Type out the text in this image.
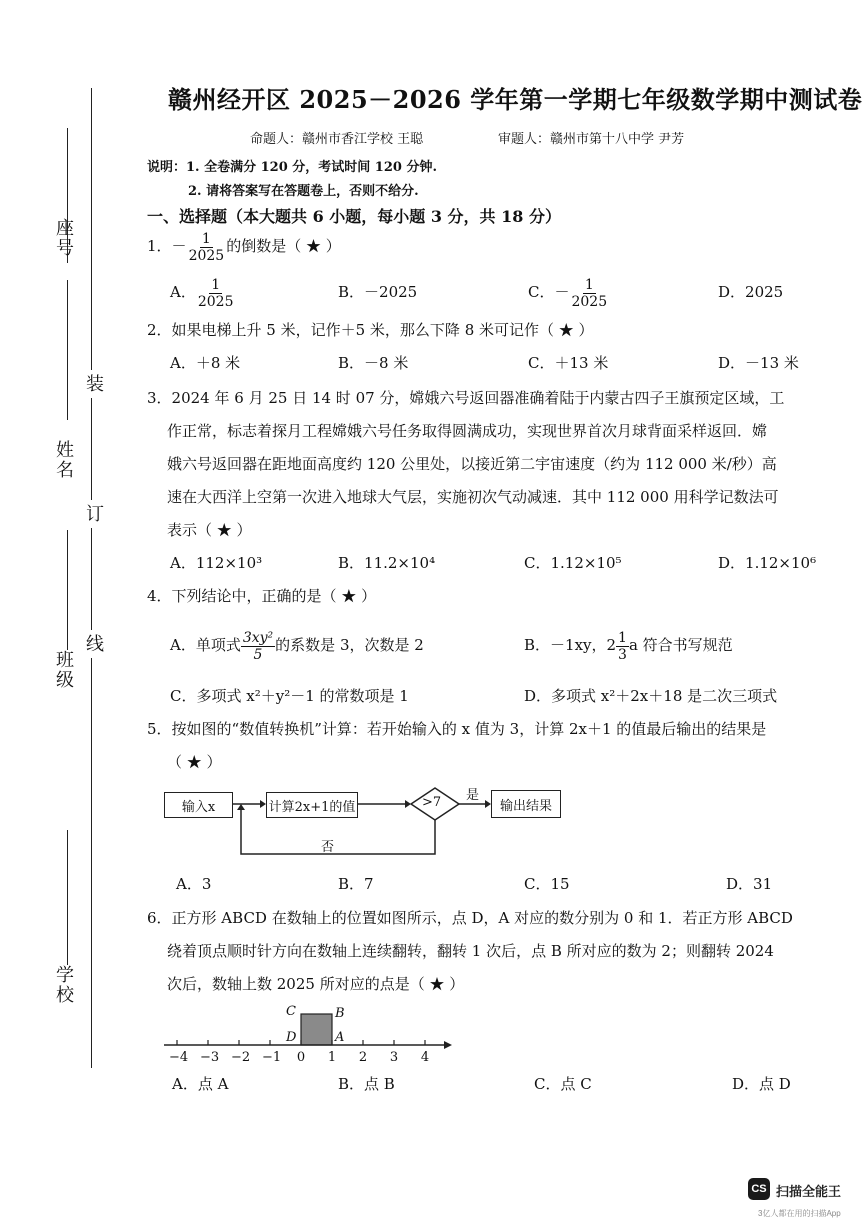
座号
姓名
班级
学校
装
订
线
赣州经开区 2025－2026 学年第一学期七年级数学期中测试卷
命题人：赣州市香江学校 王聪	审题人：赣州市第十八中学 尹芳
说明：1. 全卷满分 120 分，考试时间 120 分钟.
2. 请将答案写在答题卷上，否则不给分.
一、选择题（本大题共 6 小题，每小题 3 分，共 18 分）
1．－ $\frac{1}{2025}$ 的倒数是（ ★ ）
A． $\frac{1}{2025}$	B．－2025	C．－ $\frac{1}{2025}$	D．2025
2．如果电梯上升 5 米，记作＋5 米，那么下降 8 米可记作（ ★ ）
A．＋8 米	B．－8 米	C．＋13 米	D．－13 米
3．2024 年 6 月 25 日 14 时 07 分，嫦娥六号返回器准确着陆于内蒙古四子王旗预定区域，工
作正常，标志着探月工程嫦娥六号任务取得圆满成功，实现世界首次月球背面采样返回．嫦
娥六号返回器在距地面高度约 120 公里处，以接近第二宇宙速度（约为 112 000 米/秒）高
速在大西洋上空第一次进入地球大气层，实施初次气动减速．其中 112 000 用科学记数法可
表示（ ★ ）
A．112×10³	B．11.2×10⁴	C．1.12×10⁵	D．1.12×10⁶
4．下列结论中，正确的是（ ★ ）
A．单项式 $\frac{\text{3xy²}}{5}$ 的系数是 3，次数是 2	B．－1xy，$2 \frac{1}{3}$ a 符合书写规范
C．多项式 x²＋y²－1 的常数项是 1	D．多项式 x²＋2x＋18 是二次三项式
5．按如图的“数值转换机”计算：若开始输入的 x 值为 3，计算 2x＋1 的值最后输出的结果是
（ ★ ）
输入x	计算2x+1的值	>7 是
输出结果
否
A．3	B．7	C．15	D．31
6．正方形 ABCD 在数轴上的位置如图所示，点 D，A 对应的数分别为 0 和 1．若正方形 ABCD
绕着顶点顺时针方向在数轴上连续翻转，翻转 1 次后，点 B 所对应的数为 2；则翻转 2024
次后，数轴上数 2025 所对应的点是（ ★ ）
C	B
D	A
−4 −3 −2 −1 0 1 2 3 4
A．点 A	B．点 B	C．点 C	D．点 D
CS 扫描全能王
3亿人都在用的扫描App
